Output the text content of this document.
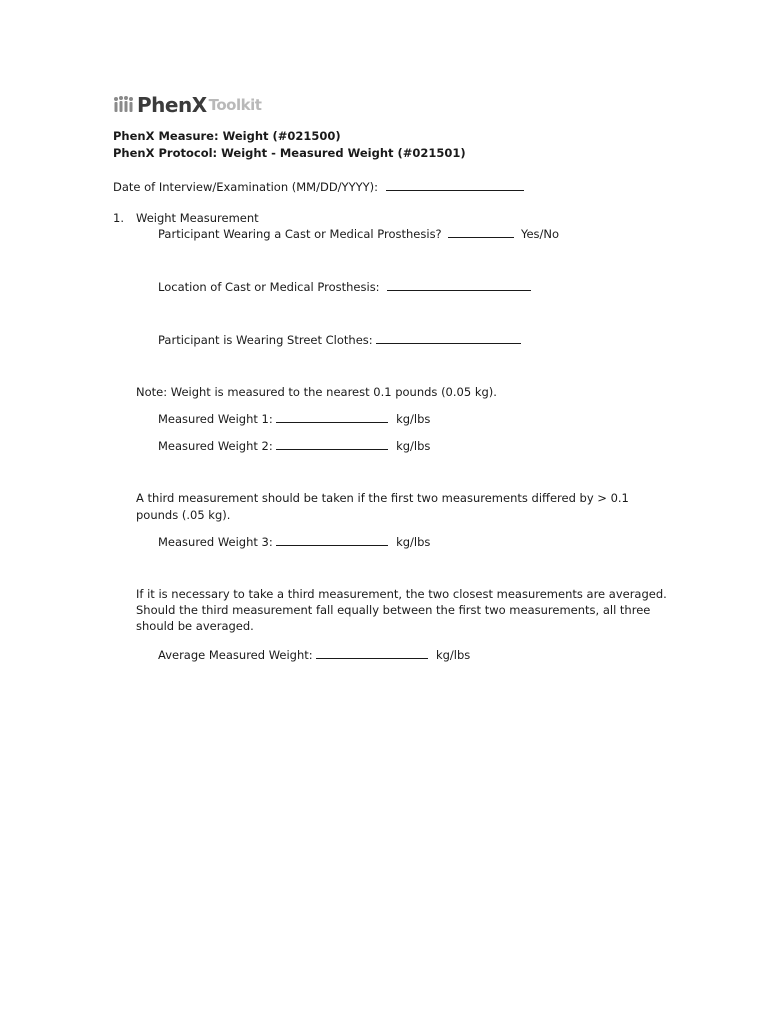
PhenX Toolkit
PhenX Measure: Weight (#021500)
PhenX Protocol: Weight - Measured Weight (#021501)
Date of Interview/Examination (MM/DD/YYYY):
1. Weight Measurement
Participant Wearing a Cast or Medical Prosthesis?	Yes/No
Location of Cast or Medical Prosthesis:
Participant is Wearing Street Clothes:
Note: Weight is measured to the nearest 0.1 pounds (0.05 kg).
Measured Weight 1:	kg/lbs
Measured Weight 2:	kg/lbs
A third measurement should be taken if the first two measurements differed by > 0.1
pounds (.05 kg).
Measured Weight 3:	kg/lbs
If it is necessary to take a third measurement, the two closest measurements are averaged.
Should the third measurement fall equally between the first two measurements, all three
should be averaged.
Average Measured Weight:	kg/lbs
